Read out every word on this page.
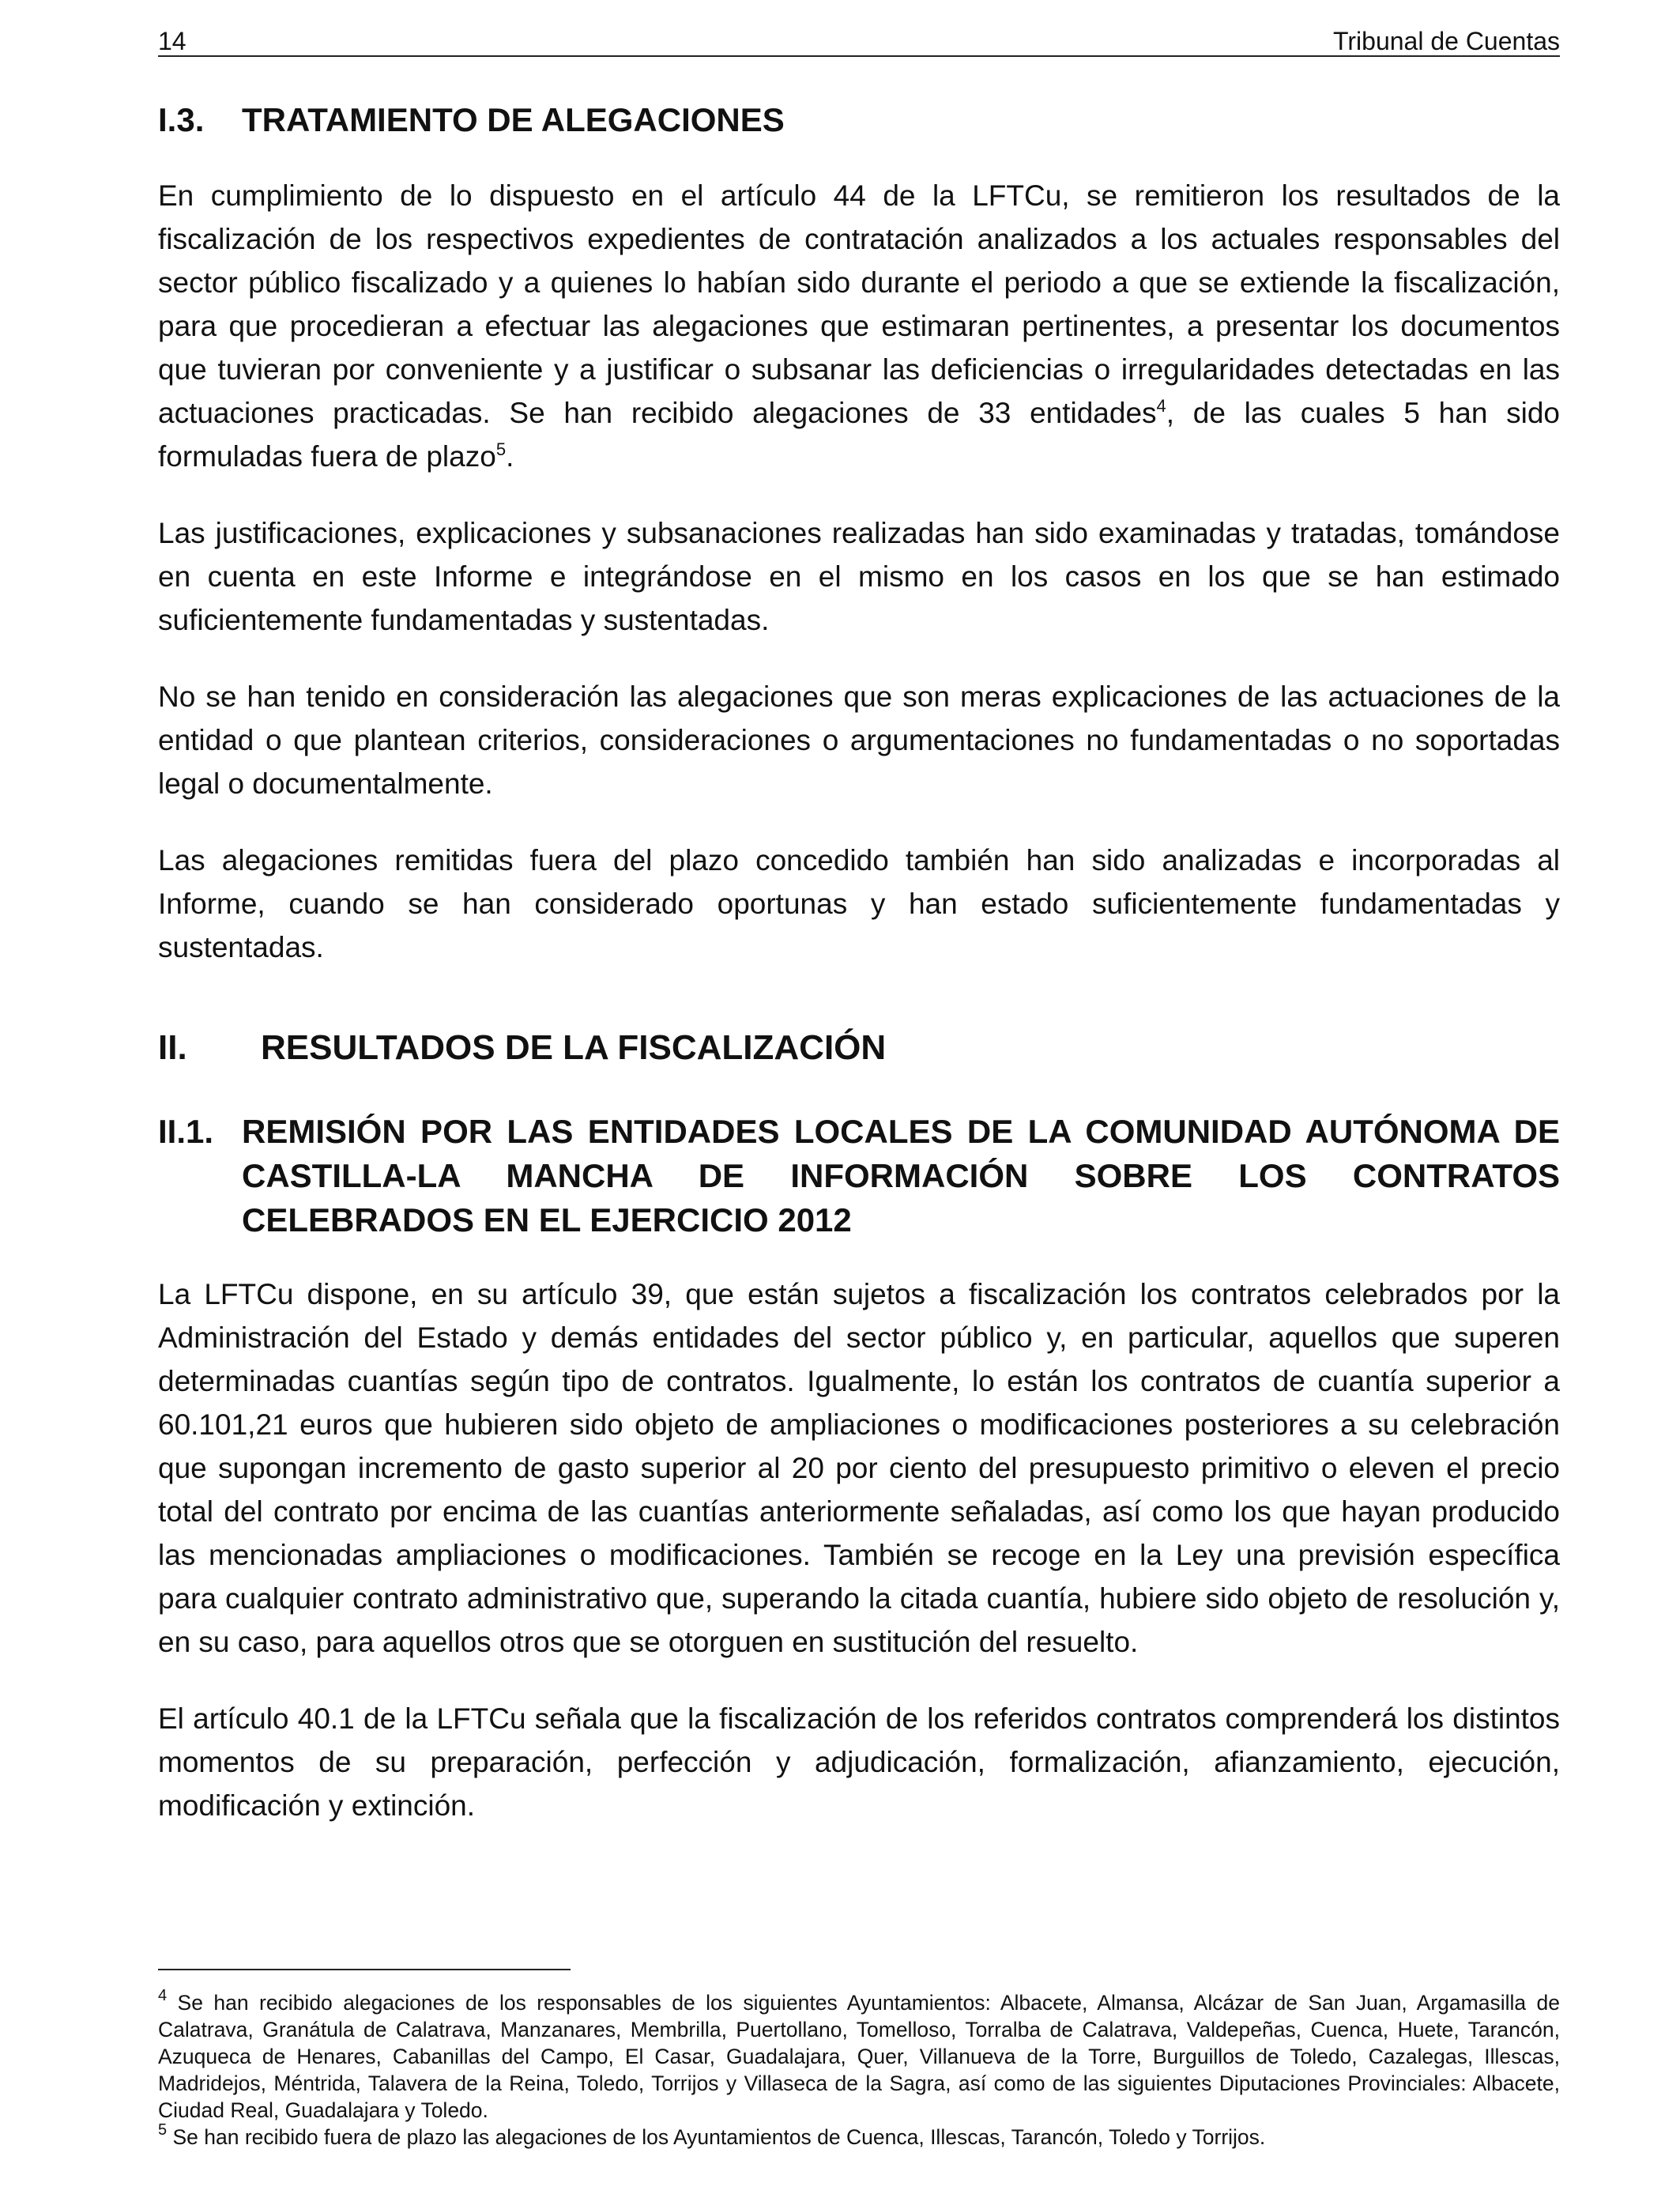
14	Tribunal de Cuentas
I.3.	TRATAMIENTO DE ALEGACIONES

En cumplimiento de lo dispuesto en el artículo 44 de la LFTCu, se remitieron los resultados de la fiscalización de los respectivos expedientes de contratación analizados a los actuales responsables del sector público fiscalizado y a quienes lo habían sido durante el periodo a que se extiende la fiscalización, para que procedieran a efectuar las alegaciones que estimaran pertinentes, a presentar los documentos que tuvieran por conveniente y a justificar o subsanar las deficiencias o irregularidades detectadas en las actuaciones practicadas. Se han recibido alegaciones de 33 entidades$^4$, de las cuales 5 han sido formuladas fuera de plazo$^5$.

Las justificaciones, explicaciones y subsanaciones realizadas han sido examinadas y tratadas, tomándose en cuenta en este Informe e integrándose en el mismo en los casos en los que se han estimado suficientemente fundamentadas y sustentadas.

No se han tenido en consideración las alegaciones que son meras explicaciones de las actuaciones de la entidad o que plantean criterios, consideraciones o argumentaciones no fundamentadas o no soportadas legal o documentalmente.

Las alegaciones remitidas fuera del plazo concedido también han sido analizadas e incorporadas al Informe, cuando se han considerado oportunas y han estado suficientemente fundamentadas y sustentadas.

II.	RESULTADOS DE LA FISCALIZACIÓN
II.1. REMISIÓN POR LAS ENTIDADES LOCALES DE LA COMUNIDAD AUTÓNOMA DE CASTILLA-LA MANCHA DE INFORMACIÓN SOBRE LOS CONTRATOS CELEBRADOS EN EL EJERCICIO 2012

La LFTCu dispone, en su artículo 39, que están sujetos a fiscalización los contratos celebrados por la Administración del Estado y demás entidades del sector público y, en particular, aquellos que superen determinadas cuantías según tipo de contratos. Igualmente, lo están los contratos de cuantía superior a 60.101,21 euros que hubieren sido objeto de ampliaciones o modificaciones posteriores a su celebración que supongan incremento de gasto superior al 20 por ciento del presupuesto primitivo o eleven el precio total del contrato por encima de las cuantías anteriormente señaladas, así como los que hayan producido las mencionadas ampliaciones o modificaciones. También se recoge en la Ley una previsión específica para cualquier contrato administrativo que, superando la citada cuantía, hubiere sido objeto de resolución y, en su caso, para aquellos otros que se otorguen en sustitución del resuelto.

El artículo 40.1 de la LFTCu señala que la fiscalización de los referidos contratos comprenderá los distintos momentos de su preparación, perfección y adjudicación, formalización, afianzamiento, ejecución, modificación y extinción.

$^4$ Se han recibido alegaciones de los responsables de los siguientes Ayuntamientos: Albacete, Almansa, Alcázar de San Juan, Argamasilla de Calatrava, Granátula de Calatrava, Manzanares, Membrilla, Puertollano, Tomelloso, Torralba de Calatrava, Valdepeñas, Cuenca, Huete, Tarancón, Azuqueca de Henares, Cabanillas del Campo, El Casar, Guadalajara, Quer, Villanueva de la Torre, Burguillos de Toledo, Cazalegas, Illescas, Madridejos, Méntrida, Talavera de la Reina, Toledo, Torrijos y Villaseca de la Sagra, así como de las siguientes Diputaciones Provinciales: Albacete, Ciudad Real, Guadalajara y Toledo.

$^5$ Se han recibido fuera de plazo las alegaciones de los Ayuntamientos de Cuenca, Illescas, Tarancón, Toledo y Torrijos.
